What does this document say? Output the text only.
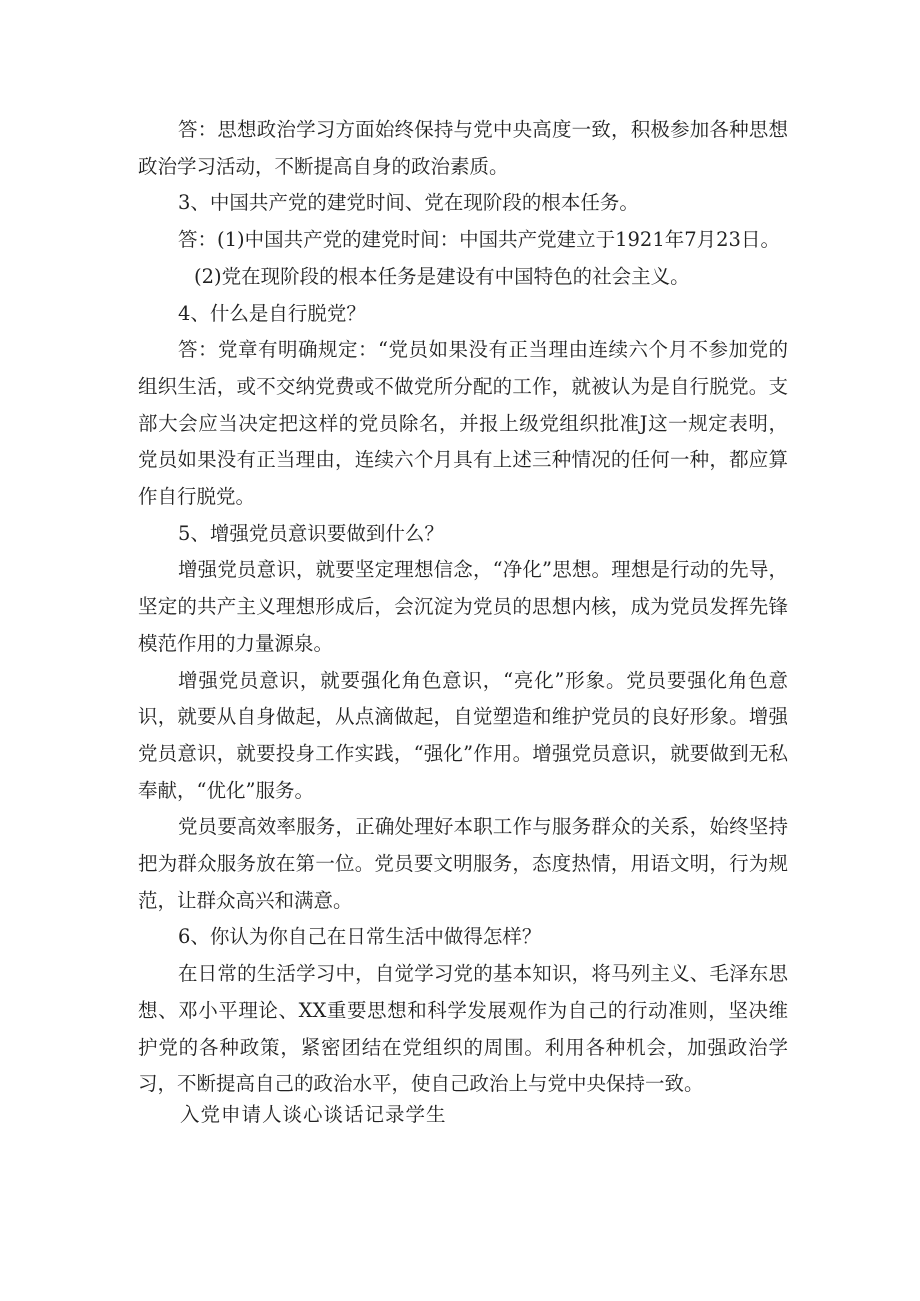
答：思想政治学习方面始终保持与党中央高度一致，积极参加各种思想政治学习活动，不断提高自身的政治素质。

3、中国共产党的建党时间、党在现阶段的根本任务。

答：(1)中国共产党的建党时间：中国共产党建立于1921年7月23日。

(2)党在现阶段的根本任务是建设有中国特色的社会主义。

4、什么是自行脱党？

答：党章有明确规定：“党员如果没有正当理由连续六个月不参加党的组织生活，或不交纳党费或不做党所分配的工作，就被认为是自行脱党。支部大会应当决定把这样的党员除名，并报上级党组织批准J这一规定表明，党员如果没有正当理由，连续六个月具有上述三种情况的任何一种，都应算作自行脱党。

5、增强党员意识要做到什么？

增强党员意识，就要坚定理想信念，“净化”思想。理想是行动的先导，坚定的共产主义理想形成后，会沉淀为党员的思想内核，成为党员发挥先锋模范作用的力量源泉。

增强党员意识，就要强化角色意识，“亮化”形象。党员要强化角色意识，就要从自身做起，从点滴做起，自觉塑造和维护党员的良好形象。增强党员意识，就要投身工作实践，“强化”作用。增强党员意识，就要做到无私奉献，“优化”服务。

党员要高效率服务，正确处理好本职工作与服务群众的关系，始终坚持把为群众服务放在第一位。党员要文明服务，态度热情，用语文明，行为规范，让群众高兴和满意。

6、你认为你自己在日常生活中做得怎样？

在日常的生活学习中，自觉学习党的基本知识，将马列主义、毛泽东思想、邓小平理论、XX重要思想和科学发展观作为自己的行动准则，坚决维护党的各种政策，紧密团结在党组织的周围。利用各种机会，加强政治学习，不断提高自己的政治水平，使自己政治上与党中央保持一致。

入党申请人谈心谈话记录学生
